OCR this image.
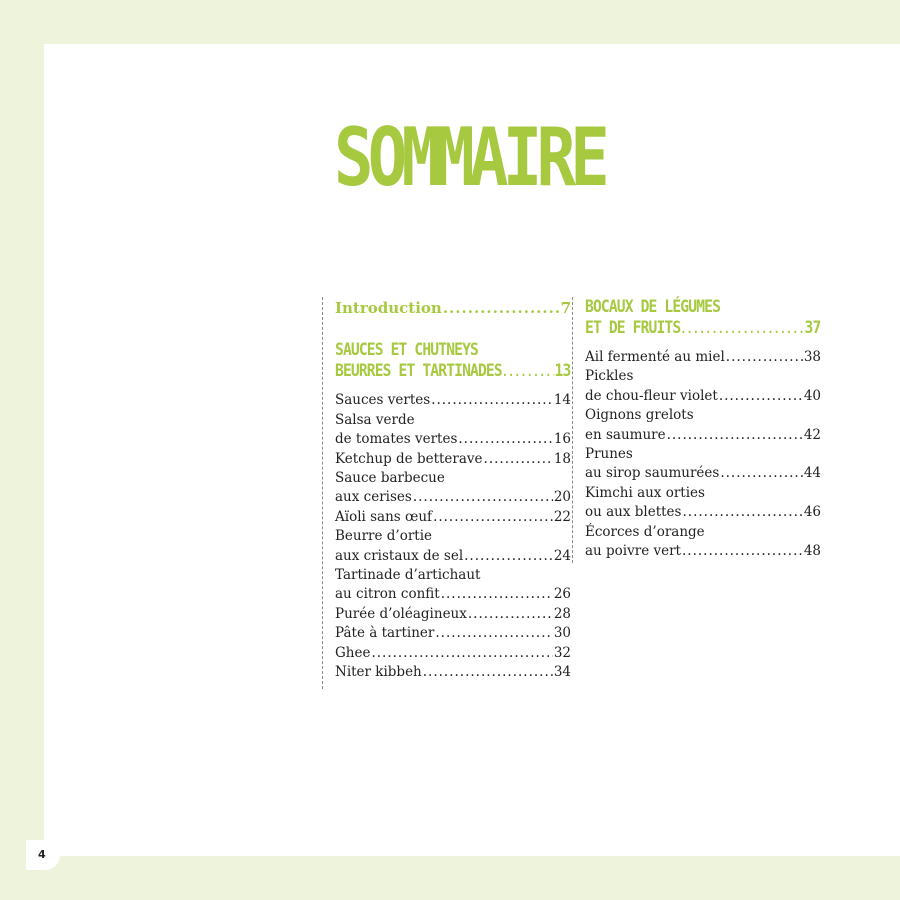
4
SOMMAIRE
Introduction .....	7
SAUCES ET CHUTNEYS
BEURRES ET TARTINADES .....	13
Sauces vertes .....	14
Salsa verde
de tomates vertes .....	16
Ketchup de betterave .....	18
Sauce barbecue
aux cerises .....	20
Aïoli sans œuf .....	22
Beurre d’ortie
aux cristaux de sel .....	24
Tartinade d’artichaut
au citron confit .....	26
Purée d’oléagineux .....	28
Pâte à tartiner .....	30
Ghee .....	32
Niter kibbeh .....	34
BOCAUX DE LÉGUMES
ET DE FRUITS .....	37
Ail fermenté au miel .....	38
Pickles
de chou-fleur violet .....	40
Oignons grelots
en saumure .....	42
Prunes
au sirop saumurées .....	44
Kimchi aux orties
ou aux blettes .....	46
Écorces d’orange
au poivre vert .....	48
